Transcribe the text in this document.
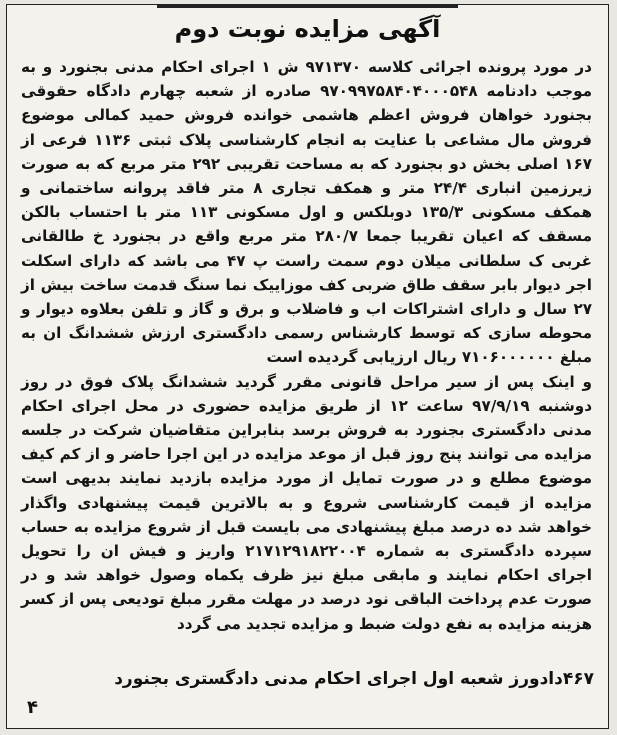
آگهی مزایده نوبت دوم

در مورد پرونده اجرائی کلاسه ۹۷۱۳۷۰ ش ۱ اجرای احکام مدنی بجنورد و به موجب دادنامه ۹۷۰۹۹۷۵۸۴۰۴۰۰۰۵۴۸ صادره از شعبه چهارم دادگاه حقوقی بجنورد خواهان فروش اعظم هاشمی خوانده فروش حمید کمالی موضوع فروش مال مشاعی با عنایت به انجام کارشناسی پلاک ثبتی ۱۱۳۶ فرعی از ۱۶۷ اصلی بخش دو بجنورد که به مساحت تقریبی ۲۹۲ متر مربع که به صورت زیرزمین انباری ۲۴/۴ متر و همکف تجاری ۸ متر فاقد پروانه ساختمانی و همکف مسکونی ۱۳۵/۳ دوبلکس و اول مسکونی ۱۱۳ متر با احتساب بالکن مسقف که اعیان تقریبا جمعا ۲۸۰/۷ متر مربع واقع در بجنورد خ طالقانی غربی ک سلطانی میلان دوم سمت راست پ ۴۷ می باشد که دارای اسکلت اجر دیوار بابر سقف طاق ضربی کف موزاییک نما سنگ قدمت ساخت بیش از ۲۷ سال و دارای اشتراکات اب و فاضلاب و برق و گاز و تلفن بعلاوه دیوار و محوطه سازی که توسط کارشناس رسمی دادگستری ارزش ششدانگ ان به مبلغ ۷۱۰۶۰۰۰۰۰۰ ریال ارزیابی گردیده است

و اینک پس از سیر مراحل قانونی مقرر گردید ششدانگ پلاک فوق در روز دوشنبه ۹۷/۹/۱۹ ساعت ۱۲ از طریق مزایده حضوری در محل اجرای احکام مدنی دادگستری بجنورد به فروش برسد بنابراین متقاضیان شرکت در جلسه مزایده می توانند پنج روز قبل از موعد مزایده در این اجرا حاضر و از کم کیف موضوع مطلع و در صورت تمایل از مورد مزایده بازدید نمایند بدیهی است مزایده از قیمت کارشناسی شروع و به بالاترین قیمت پیشنهادی واگذار خواهد شد ده درصد مبلغ پیشنهادی می بایست قبل از شروع مزایده به حساب سپرده دادگستری به شماره ۲۱۷۱۲۹۱۸۲۲۰۰۴ واریز و فیش ان را تحویل اجرای احکام نمایند و مابقی مبلغ نیز ظرف یکماه وصول خواهد شد و در صورت عدم پرداخت الباقی نود درصد در مهلت مقرر مبلغ تودیعی پس از کسر هزینه مزایده به نفع دولت ضبط و مزایده تجدید می گردد

۴۶۷دادورز شعبه اول اجرای احکام مدنی دادگستری بجنورد
۴
